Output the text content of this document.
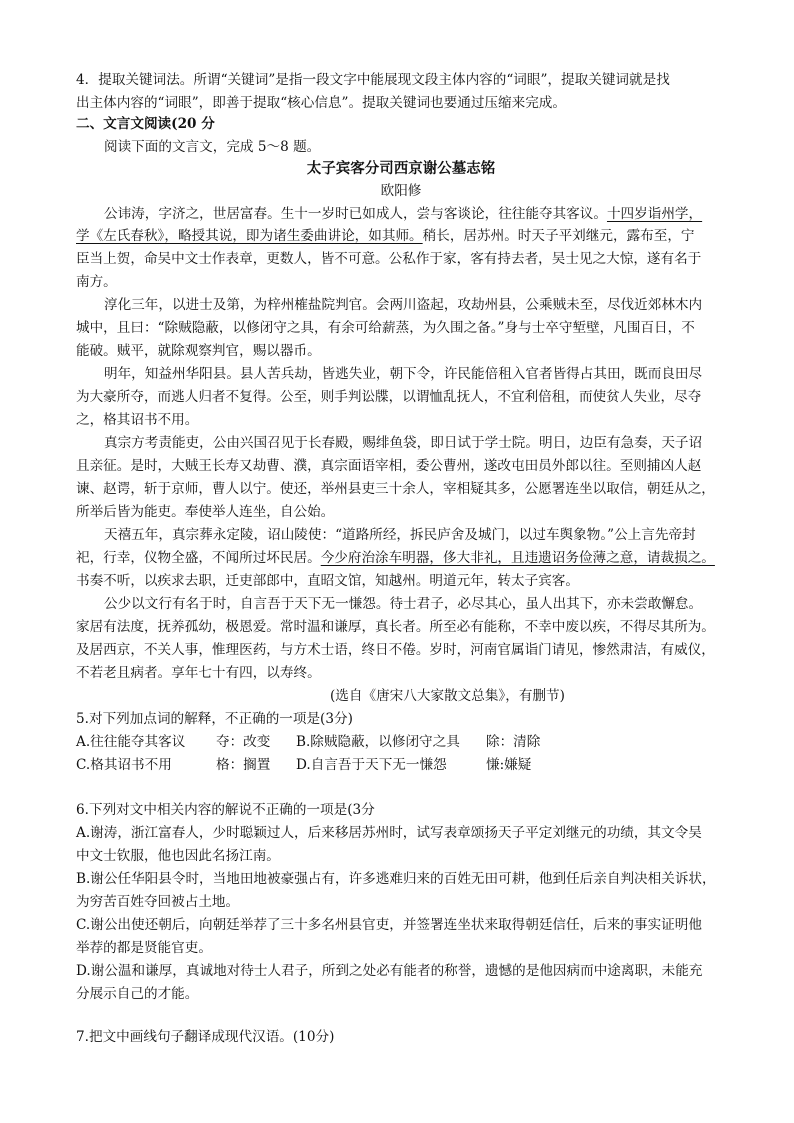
4．提取关键词法。所谓“关键词”是指一段文字中能展现文段主体内容的“词眼”，提取关键词就是找
出主体内容的“词眼”，即善于提取“核心信息”。提取关键词也要通过压缩来完成。
二、文言文阅读(20 分
阅读下面的文言文，完成 5～8 题。
太子宾客分司西京谢公墓志铭
欧阳修
公讳涛，字济之，世居富春。生十一岁时已如成人，尝与客谈论，往往能夺其客议。十四岁诣州学，
学《左氏春秋》，略授其说，即为诸生委曲讲论，如其师。稍长，居苏州。时天子平刘继元，露布至，宁
臣当上贺，命吴中文士作表章，更数人，皆不可意。公私作于家，客有持去者，吴士见之大惊，遂有名于
南方。
淳化三年，以进士及第，为梓州榷盐院判官。会两川盗起，攻劫州县，公乘贼未至，尽伐近郊林木内
城中，且曰：“除贼隐蔽，以修闭守之具，有余可给薪蒸，为久围之备。”身与士卒守堑壁，凡围百日，不
能破。贼平，就除观察判官，赐以器币。
明年，知益州华阳县。县人苦兵劫，皆逃失业，朝下令，许民能倍租入官者皆得占其田，既而良田尽
为大豪所夺，而逃人归者不复得。公至，则手判讼牒，以谓恤乱抚人，不宜利倍租，而使贫人失业，尽夺
之，格其诏书不用。
真宗方考责能吏，公由兴国召见于长春殿，赐绯鱼袋，即日试于学士院。明日，边臣有急奏，天子诏
且亲征。是时，大贼王长寿又劫曹、濮，真宗面语宰相，委公曹州，遂改屯田员外郎以往。至则捕凶人赵
谏、赵谔，斩于京师，曹人以宁。使还，举州县吏三十余人，宰相疑其多，公愿署连坐以取信，朝廷从之，
所举后皆为能吏。奉使举人连坐，自公始。
天禧五年，真宗葬永定陵，诏山陵使：“道路所经，拆民庐舍及城门，以过车舆象物。”公上言先帝封
祀，行幸，仪物全盛，不闻所过坏民居。今少府治涂车明器，侈大非礼，且违遗诏务俭薄之意，请裁损之。
书奏不听，以疾求去职，迁吏部郎中，直昭文馆，知越州。明道元年，转太子宾客。
公少以文行有名于时，自言吾于天下无一慊怨。待士君子，必尽其心，虽人出其下，亦未尝敢懈怠。
家居有法度，抚养孤幼，极恩爱。常时温和谦厚，真长者。所至必有能称，不幸中废以疾，不得尽其所为。
及居西京，不关人事，惟理医药，与方术士语，终日不倦。岁时，河南官属诣门请见，惨然肃洁，有威仪，
不若老且病者。享年七十有四，以寿终。
(选自《唐宋八大家散文总集》，有删节)
5.对下列加点词的解释，不正确的一项是(3分)
A.往往能夺其客议 夺：改变 B.除贼隐蔽，以修闭守之具 除：清除
C.格其诏书不用	格：搁置 D.自言吾于天下无一慊怨	慊:嫌疑
6.下列对文中相关内容的解说不正确的一项是(3分
A.谢涛，浙江富春人，少时聪颖过人，后来移居苏州时，试写表章颂扬天子平定刘继元的功绩，其文令吴
中文士钦服，他也因此名扬江南。
B.谢公任华阳县令时，当地田地被豪强占有，许多逃难归来的百姓无田可耕，他到任后亲自判决相关诉状，
为穷苦百姓夺回被占土地。
C.谢公出使还朝后，向朝廷举荐了三十多名州县官吏，并签署连坐状来取得朝廷信任，后来的事实证明他
举荐的都是贤能官吏。
D.谢公温和谦厚，真诚地对待士人君子，所到之处必有能者的称誉，遗憾的是他因病而中途离职，未能充
分展示自己的才能。
7.把文中画线句子翻译成现代汉语。(10分)
